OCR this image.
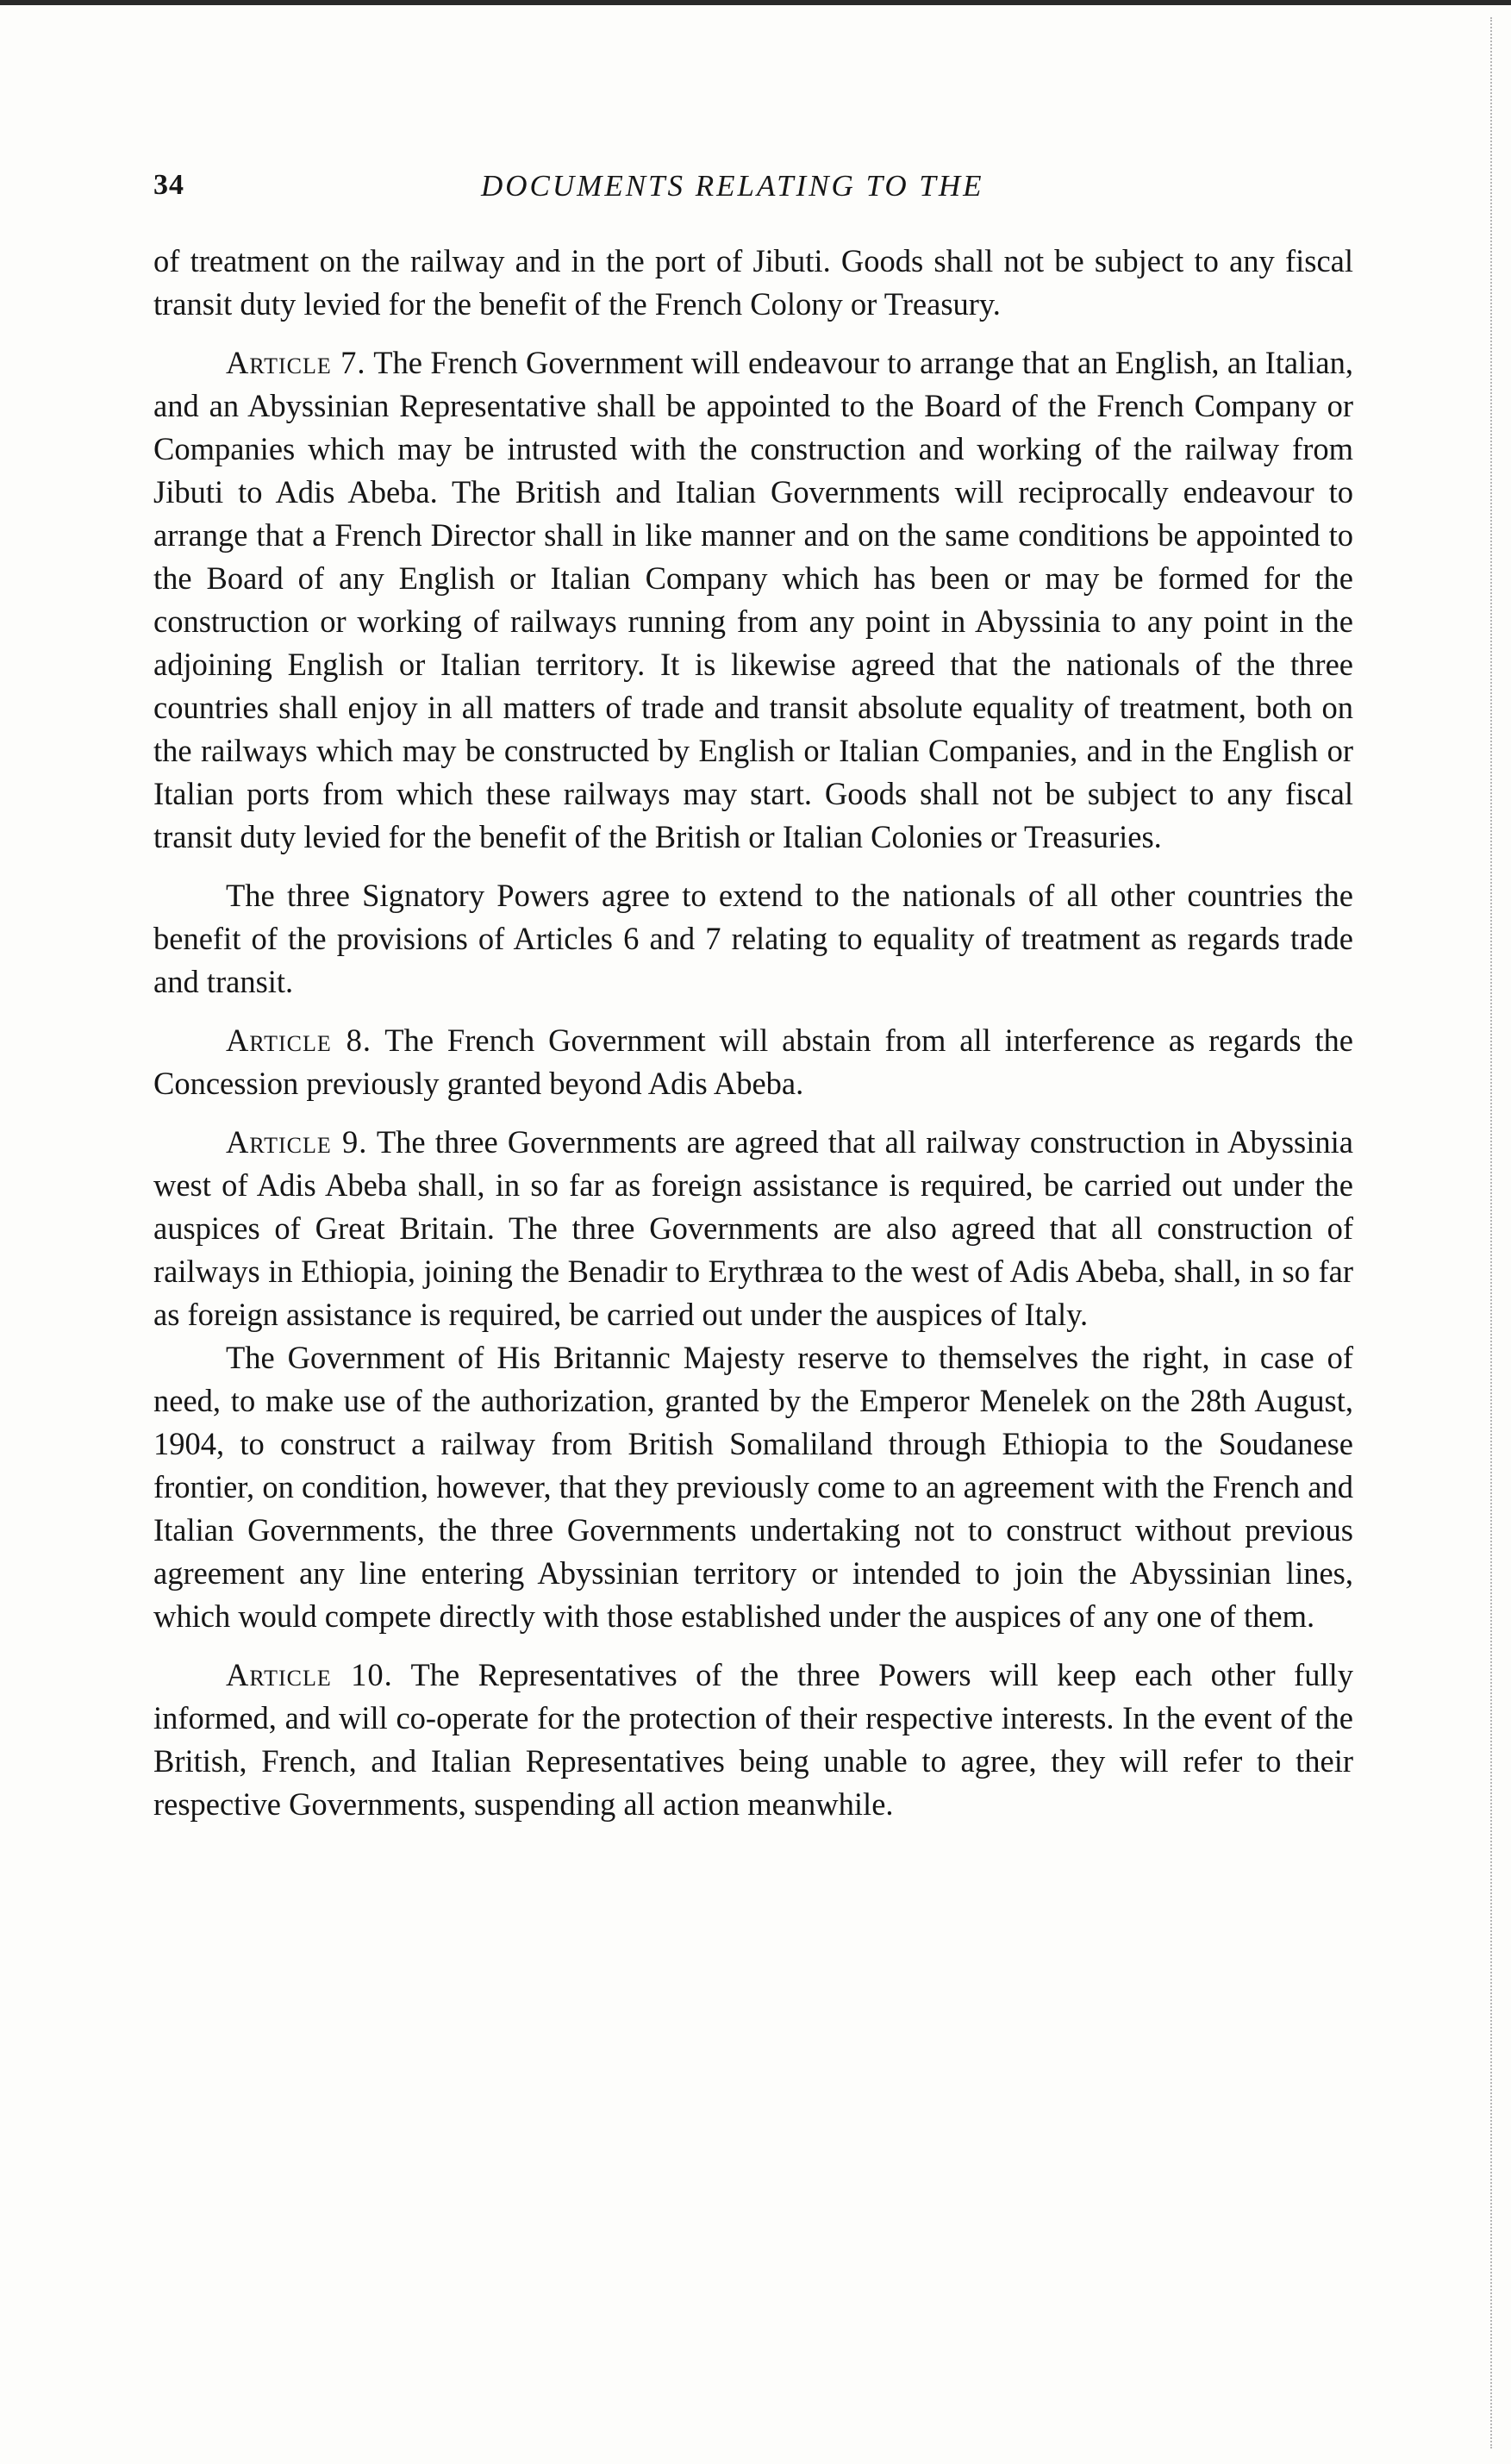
34	DOCUMENTS RELATING TO THE

of treatment on the railway and in the port of Jibuti. Goods shall not be subject to any fiscal transit duty levied for the benefit of the French Colony or Treasury.

Article 7. The French Government will endeavour to arrange that an English, an Italian, and an Abyssinian Representative shall be appointed to the Board of the French Company or Companies which may be intrusted with the construction and working of the railway from Jibuti to Adis Abeba. The British and Italian Governments will reciprocally endeavour to arrange that a French Director shall in like manner and on the same conditions be appointed to the Board of any English or Italian Company which has been or may be formed for the construction or working of railways running from any point in Abyssinia to any point in the adjoining English or Italian territory. It is likewise agreed that the nationals of the three countries shall enjoy in all matters of trade and transit absolute equality of treatment, both on the railways which may be constructed by English or Italian Companies, and in the English or Italian ports from which these railways may start. Goods shall not be subject to any fiscal transit duty levied for the benefit of the British or Italian Colonies or Treasuries.

The three Signatory Powers agree to extend to the nationals of all other countries the benefit of the provisions of Articles 6 and 7 relating to equality of treatment as regards trade and transit.

Article 8. The French Government will abstain from all interference as regards the Concession previously granted beyond Adis Abeba.

Article 9. The three Governments are agreed that all railway construction in Abyssinia west of Adis Abeba shall, in so far as foreign assistance is required, be carried out under the auspices of Great Britain. The three Governments are also agreed that all construction of railways in Ethiopia, joining the Benadir to Erythræa to the west of Adis Abeba, shall, in so far as foreign assistance is required, be carried out under the auspices of Italy.

The Government of His Britannic Majesty reserve to themselves the right, in case of need, to make use of the authorization, granted by the Emperor Menelek on the 28th August, 1904, to construct a railway from British Somaliland through Ethiopia to the Soudanese frontier, on condition, however, that they previously come to an agreement with the French and Italian Governments, the three Governments undertaking not to construct without previous agreement any line entering Abyssinian territory or intended to join the Abyssinian lines, which would compete directly with those established under the auspices of any one of them.

Article 10. The Representatives of the three Powers will keep each other fully informed, and will co-operate for the protection of their respective interests. In the event of the British, French, and Italian Representatives being unable to agree, they will refer to their respective Governments, suspending all action meanwhile.
